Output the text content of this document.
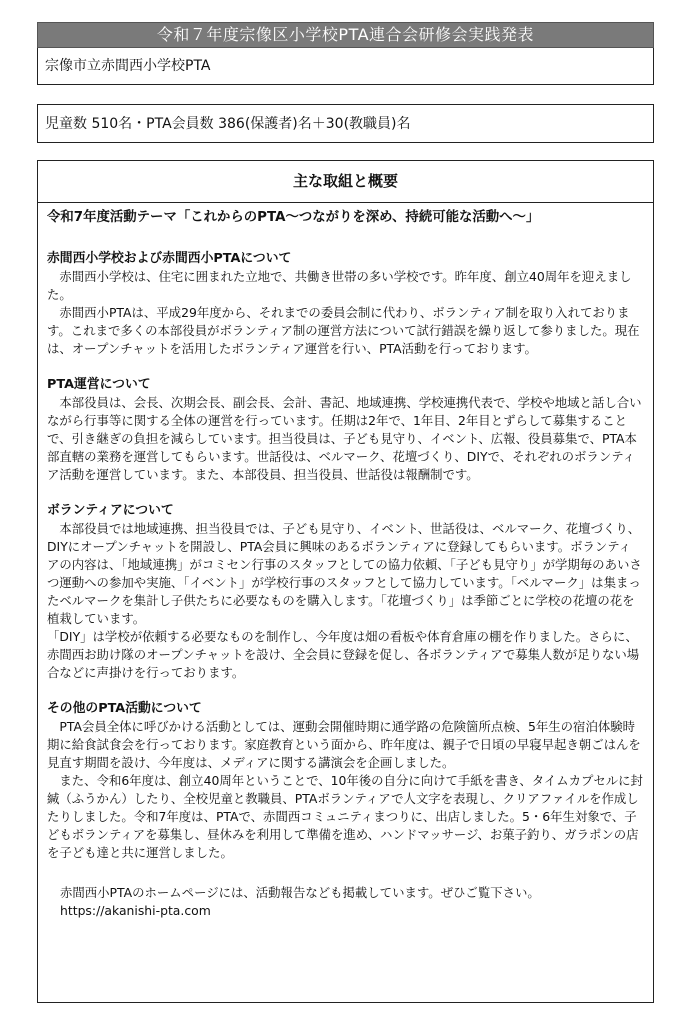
令和７年度宗像区小学校PTA連合会研修会実践発表
宗像市立赤間西小学校PTA
児童数 510名・PTA会員数 386(保護者)名＋30(教職員)名
主な取組と概要
令和7年度活動テーマ「これからのPTA〜つながりを深め、持続可能な活動へ〜」
赤間西小学校および赤間西小PTAについて

赤間西小学校は、住宅に囲まれた立地で、共働き世帯の多い学校です。昨年度、創立40周年を迎えました。

赤間西小PTAは、平成29年度から、それまでの委員会制に代わり、ボランティア制を取り入れております。これまで多くの本部役員がボランティア制の運営方法について試行錯誤を繰り返して参りました。現在は、オープンチャットを活用したボランティア運営を行い、PTA活動を行っております。

PTA運営について

本部役員は、会長、次期会長、副会長、会計、書記、地域連携、学校連携代表で、学校や地域と話し合いながら行事等に関する全体の運営を行っています。任期は2年で、1年目、2年目とずらして募集することで、引き継ぎの負担を減らしています。担当役員は、子ども見守り、イベント、広報、役員募集で、PTA本部直轄の業務を運営してもらいます。世話役は、ベルマーク、花壇づくり、DIYで、それぞれのボランティア活動を運営しています。また、本部役員、担当役員、世話役は報酬制です。

ボランティアについて

本部役員では地域連携、担当役員では、子ども見守り、イベント、世話役は、ベルマーク、花壇づくり、DIYにオープンチャットを開設し、PTA会員に興味のあるボランティアに登録してもらいます。ボランティアの内容は、「地域連携」がコミセン行事のスタッフとしての協力依頼、「子ども見守り」が学期毎のあいさつ運動への参加や実施、「イベント」が学校行事のスタッフとして協力しています。「ベルマーク」は集まったベルマークを集計し子供たちに必要なものを購入します。「花壇づくり」は季節ごとに学校の花壇の花を植栽しています。

「DIY」は学校が依頼する必要なものを制作し、今年度は畑の看板や体育倉庫の棚を作りました。さらに、赤間西お助け隊のオープンチャットを設け、全会員に登録を促し、各ボランティアで募集人数が足りない場合などに声掛けを行っております。

その他のPTA活動について

PTA会員全体に呼びかける活動としては、運動会開催時期に通学路の危険箇所点検、5年生の宿泊体験時期に給食試食会を行っております。家庭教育という面から、昨年度は、親子で日頃の早寝早起き朝ごはんを見直す期間を設け、今年度は、メディアに関する講演会を企画しました。

また、令和6年度は、創立40周年ということで、10年後の自分に向けて手紙を書き、タイムカプセルに封緘（ふうかん）したり、全校児童と教職員、PTAボランティアで人文字を表現し、クリアファイルを作成したりしました。令和7年度は、PTAで、赤間西コミュニティまつりに、出店しました。5・6年生対象で、子どもボランティアを募集し、昼休みを利用して準備を進め、ハンドマッサージ、お菓子釣り、ガラポンの店を子ども達と共に運営しました。

赤間西小PTAのホームページには、活動報告なども掲載しています。ぜひご覧下さい。
https://akanishi-pta.com
